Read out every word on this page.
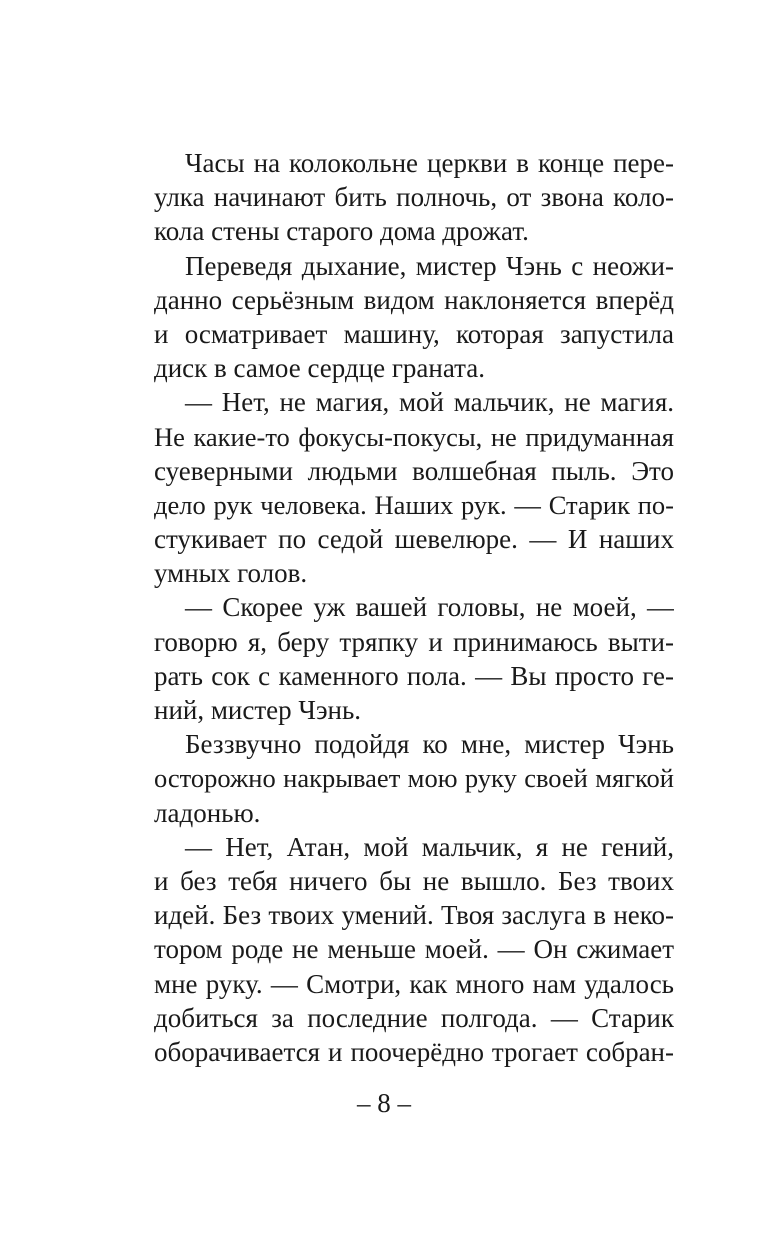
Часы на колокольне церкви в конце пере-
улка начинают бить полночь, от звона коло-
кола стены старого дома дрожат.
Переведя дыхание, мистер Чэнь с неожи-
данно серьёзным видом наклоняется вперёд
и осматривает машину, которая запустила
диск в самое сердце граната.
— Нет, не магия, мой мальчик, не магия.
Не какие-то фокусы-покусы, не придуманная
суеверными людьми волшебная пыль. Это
дело рук человека. Наших рук. — Старик по-
стукивает по седой шевелюре. — И наших
умных голов.
— Скорее уж вашей головы, не моей, —
говорю я, беру тряпку и принимаюсь выти-
рать сок с каменного пола. — Вы просто ге-
ний, мистер Чэнь.
Беззвучно подойдя ко мне, мистер Чэнь
осторожно накрывает мою руку своей мягкой
ладонью.
— Нет, Атан, мой мальчик, я не гений,
и без тебя ничего бы не вышло. Без твоих
идей. Без твоих умений. Твоя заслуга в неко-
тором роде не меньше моей. — Он сжимает
мне руку. — Смотри, как много нам удалось
добиться за последние полгода. — Старик
оборачивается и поочерёдно трогает собран-
– 8 –
